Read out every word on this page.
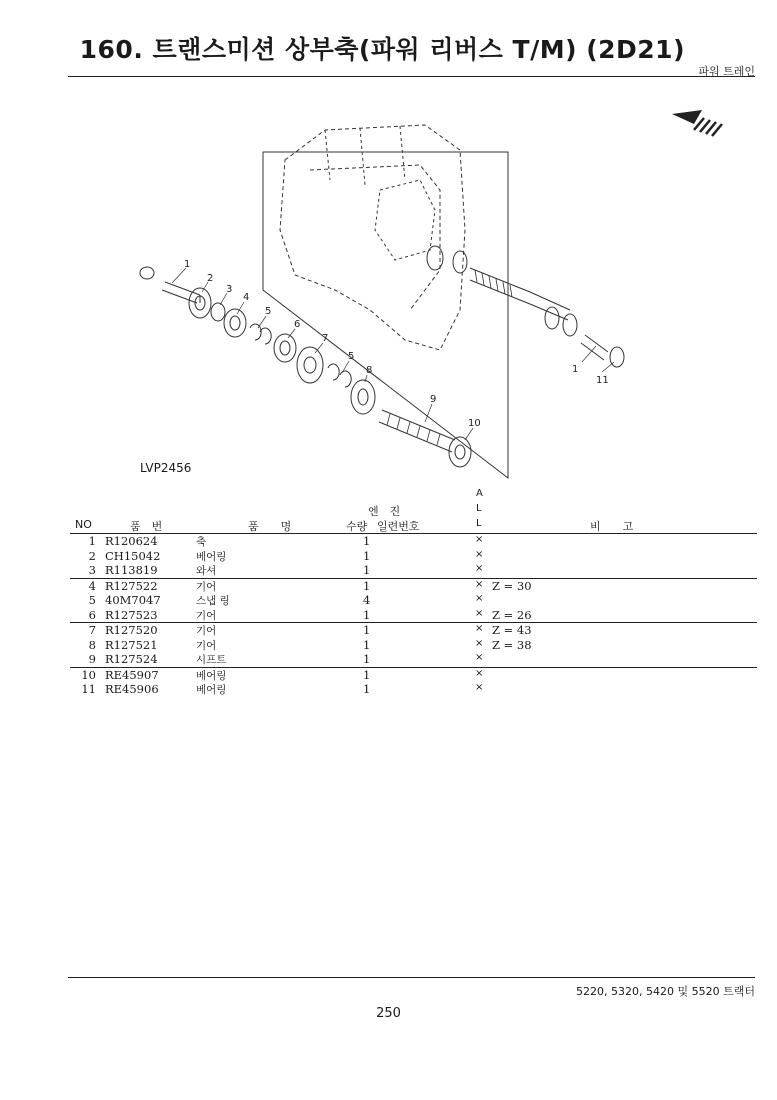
160. 트랜스미션 상부축(파워 리버스 T/M) (2D21)
파워 트레인
1
2
3
4
5
6
7
5
8
9
10
1
11
LVP2456
NO	품　번	품　　명	수량
엔　진
일련번호
A
L
L	비　　고
1 R120624	축	1	×
2 CH15042	베어링	1	×
3 R113819	와셔	1	×
4 R127522	기어	1	× Z = 30
5 40M7047	스냅 링	4	×
6 R127523	기어	1	× Z = 26
7 R127520	기어	1	× Z = 43
8 R127521	기어	1	× Z = 38
9 R127524	시프트	1	×
10 RE45907	베어링	1	×
11 RE45906	베어링	1	×
5220, 5320, 5420 및 5520 트랙터
250
